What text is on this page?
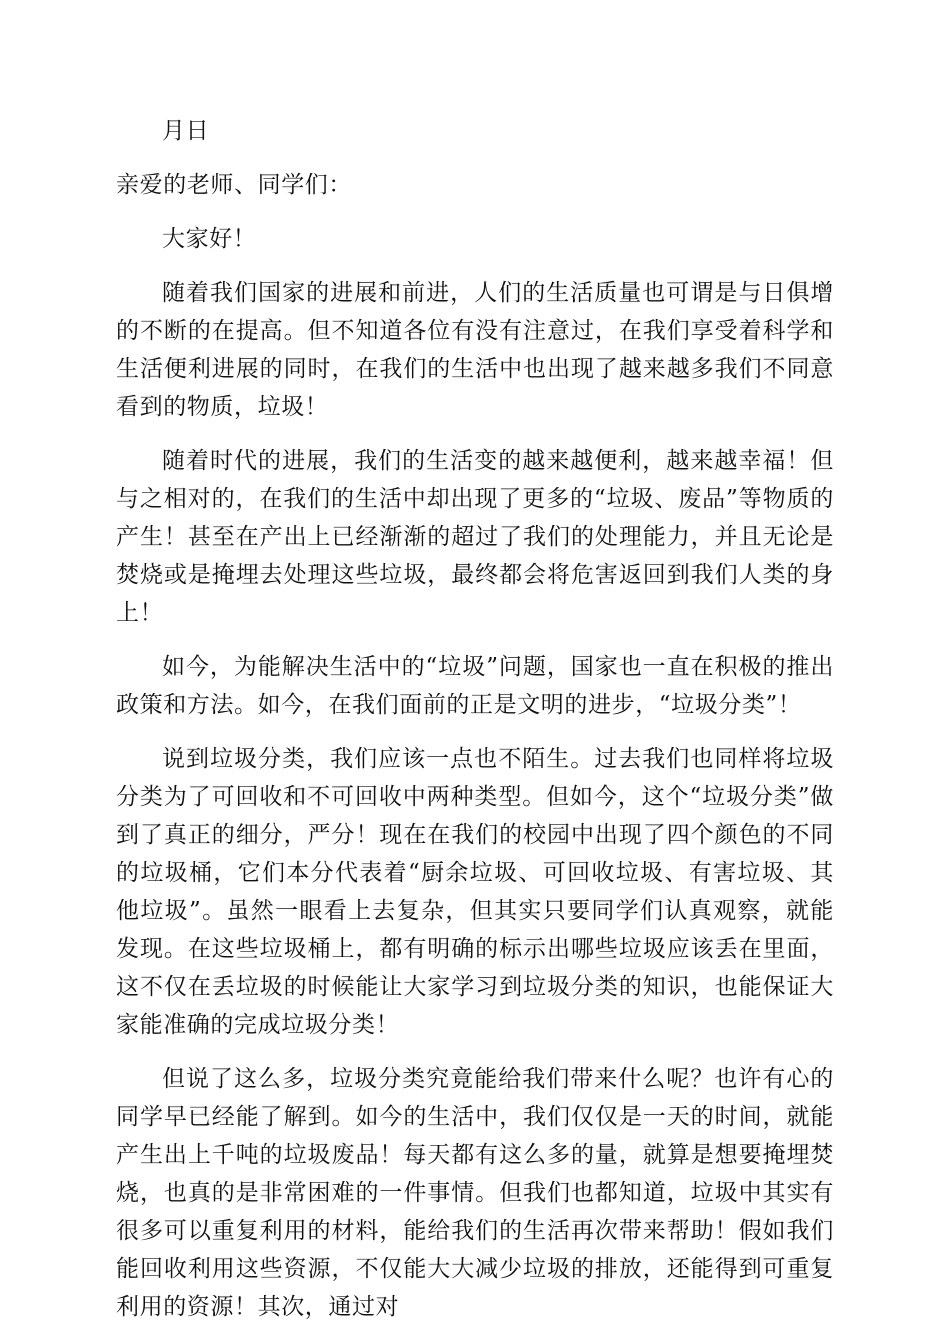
月日

亲爱的老师、同学们：

大家好！

随着我们国家的进展和前进，人们的生活质量也可谓是与日俱增的不断的在提高。但不知道各位有没有注意过，在我们享受着科学和生活便利进展的同时，在我们的生活中也出现了越来越多我们不同意看到的物质，垃圾！

随着时代的进展，我们的生活变的越来越便利，越来越幸福！但与之相对的，在我们的生活中却出现了更多的“垃圾、废品”等物质的产生！甚至在产出上已经渐渐的超过了我们的处理能力，并且无论是焚烧或是掩埋去处理这些垃圾，最终都会将危害返回到我们人类的身上！

如今，为能解决生活中的“垃圾”问题，国家也一直在积极的推出政策和方法。如今，在我们面前的正是文明的进步，“垃圾分类”！

说到垃圾分类，我们应该一点也不陌生。过去我们也同样将垃圾分类为了可回收和不可回收中两种类型。但如今，这个“垃圾分类”做到了真正的细分，严分！现在在我们的校园中出现了四个颜色的不同的垃圾桶，它们本分代表着“厨余垃圾、可回收垃圾、有害垃圾、其他垃圾”。虽然一眼看上去复杂，但其实只要同学们认真观察，就能发现。在这些垃圾桶上，都有明确的标示出哪些垃圾应该丢在里面，这不仅在丢垃圾的时候能让大家学习到垃圾分类的知识，也能保证大家能准确的完成垃圾分类！

但说了这么多，垃圾分类究竟能给我们带来什么呢？也许有心的同学早已经能了解到。如今的生活中，我们仅仅是一天的时间，就能产生出上千吨的垃圾废品！每天都有这么多的量，就算是想要掩埋焚烧，也真的是非常困难的一件事情。但我们也都知道，垃圾中其实有很多可以重复利用的材料，能给我们的生活再次带来帮助！假如我们能回收利用这些资源，不仅能大大减少垃圾的排放，还能得到可重复利用的资源！其次，通过对
